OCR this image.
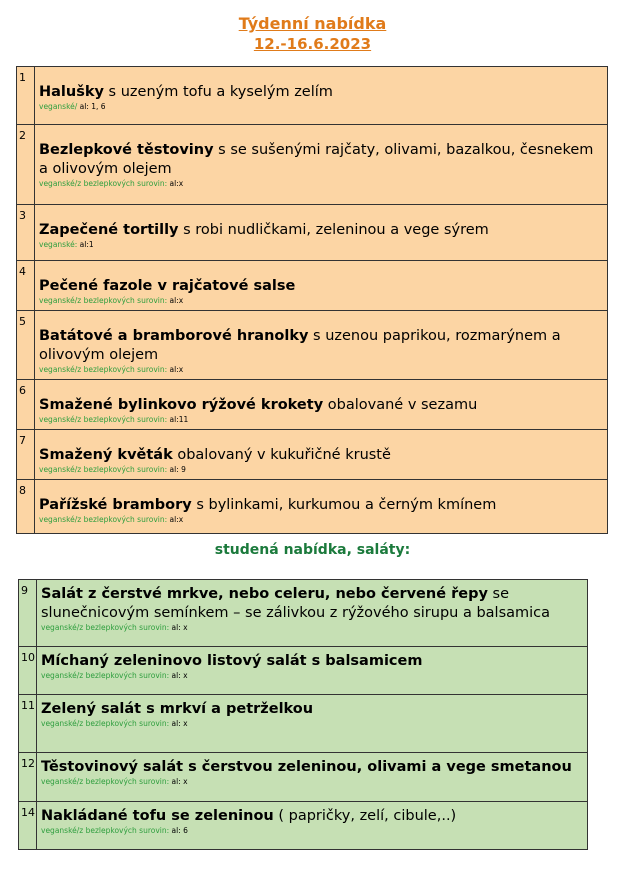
Týdenní nabídka
12.-16.6.2023
1	Halušky s uzeným tofu a kyselým zelím
veganské/ al: 1, 6

2	Bezlepkové těstoviny s se sušenými rajčaty, olivami, bazalkou, česnekem a olivovým olejem
veganské/z bezlepkových surovin: al:x

3	Zapečené tortilly s robi nudličkami, zeleninou a vege sýrem
veganské: al:1

4	Pečené fazole v rajčatové salse
veganské/z bezlepkových surovin: al:x

5	Batátové a bramborové hranolky s uzenou paprikou, rozmarýnem a olivovým olejem
veganské/z bezlepkových surovin: al:x

6	Smažené bylinkovo rýžové krokety obalované v sezamu
veganské/z bezlepkových surovin: al:11

7	Smažený květák obalovaný v kukuřičné krustě
veganské/z bezlepkových surovin: al: 9

8	Pařížské brambory s bylinkami, kurkumou a černým kmínem
veganské/z bezlepkových surovin: al:x
studená nabídka, saláty:
9	Salát z čerstvé mrkve, nebo celeru, nebo červené řepy se slunečnicovým semínkem – se zálivkou z rýžového sirupu a balsamica
veganské/z bezlepkových surovin: al: x

10	Míchaný zeleninovo listový salát s balsamicem
veganské/z bezlepkových surovin: al: x

11	Zelený salát s mrkví a petrželkou
veganské/z bezlepkových surovin: al: x

12	Těstovinový salát s čerstvou zeleninou, olivami a vege smetanou
veganské/z bezlepkových surovin: al: x

14	Nakládané tofu se zeleninou ( papričky, zelí, cibule,..)
veganské/z bezlepkových surovin: al: 6
